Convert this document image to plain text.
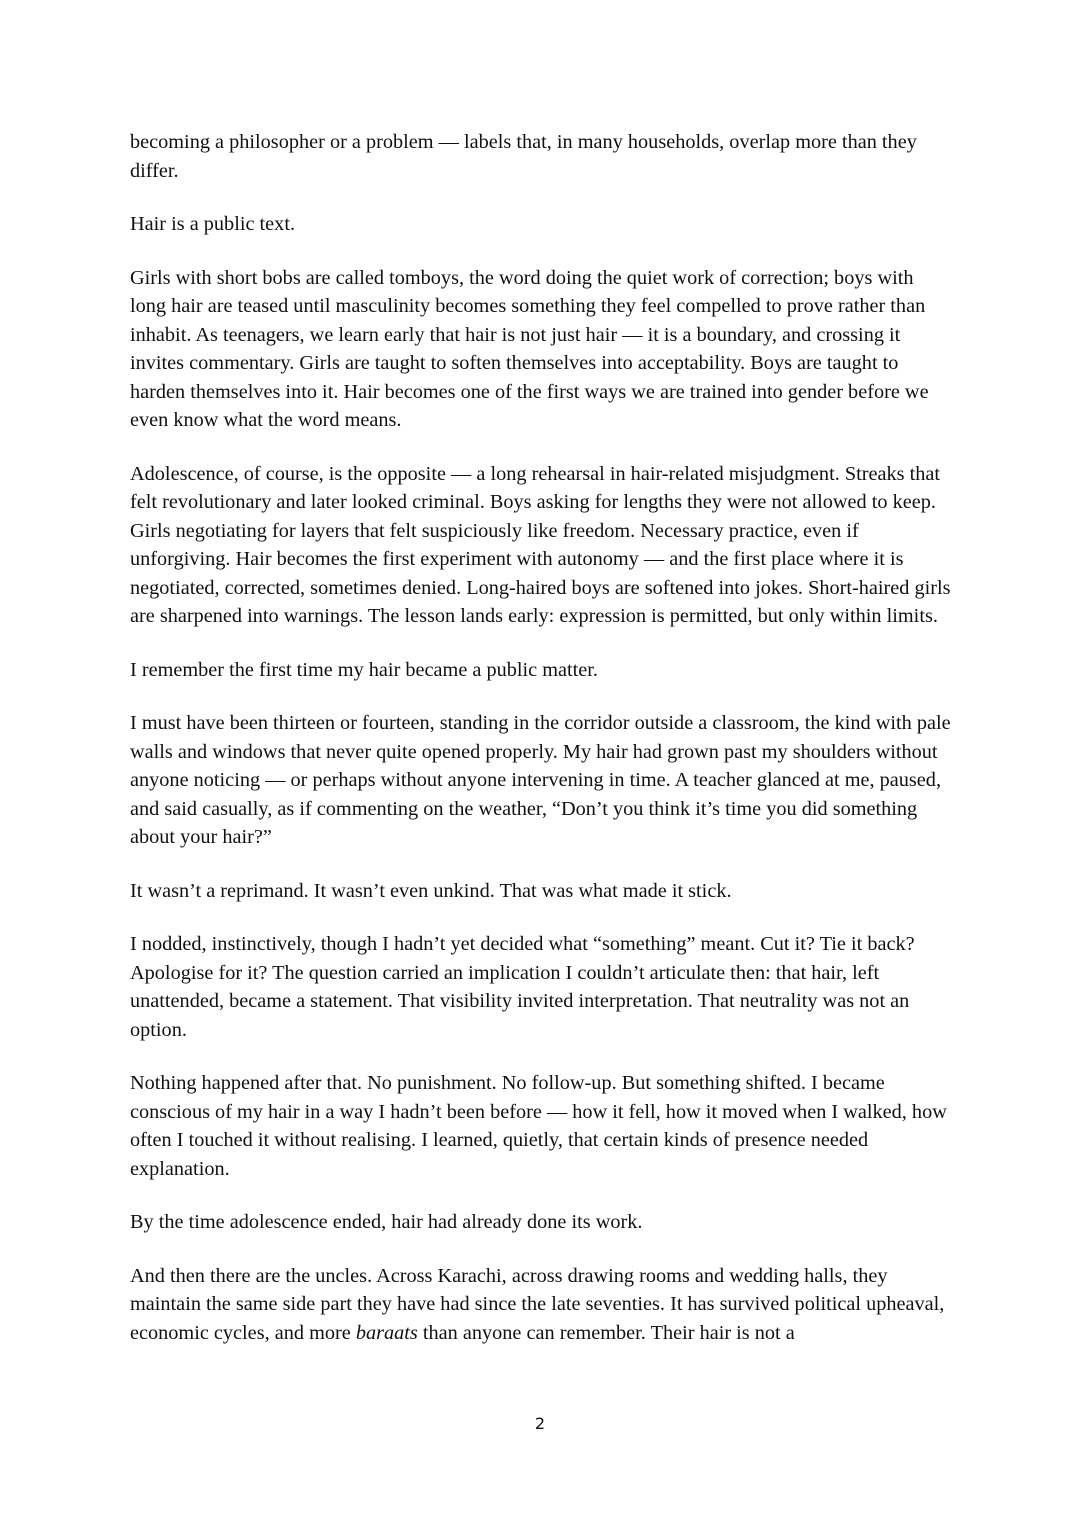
becoming a philosopher or a problem — labels that, in many households, overlap more than they differ.

Hair is a public text.

Girls with short bobs are called tomboys, the word doing the quiet work of correction; boys with long hair are teased until masculinity becomes something they feel compelled to prove rather than inhabit. As teenagers, we learn early that hair is not just hair — it is a boundary, and crossing it invites commentary. Girls are taught to soften themselves into acceptability. Boys are taught to harden themselves into it. Hair becomes one of the first ways we are trained into gender before we even know what the word means.

Adolescence, of course, is the opposite — a long rehearsal in hair-related misjudgment. Streaks that felt revolutionary and later looked criminal. Boys asking for lengths they were not allowed to keep. Girls negotiating for layers that felt suspiciously like freedom. Necessary practice, even if unforgiving. Hair becomes the first experiment with autonomy — and the first place where it is negotiated, corrected, sometimes denied. Long-haired boys are softened into jokes. Short-haired girls are sharpened into warnings. The lesson lands early: expression is permitted, but only within limits.

I remember the first time my hair became a public matter.

I must have been thirteen or fourteen, standing in the corridor outside a classroom, the kind with pale walls and windows that never quite opened properly. My hair had grown past my shoulders without anyone noticing — or perhaps without anyone intervening in time. A teacher glanced at me, paused, and said casually, as if commenting on the weather, “Don’t you think it’s time you did something about your hair?”

It wasn’t a reprimand. It wasn’t even unkind. That was what made it stick.

I nodded, instinctively, though I hadn’t yet decided what “something” meant. Cut it? Tie it back? Apologise for it? The question carried an implication I couldn’t articulate then: that hair, left unattended, became a statement. That visibility invited interpretation. That neutrality was not an option.

Nothing happened after that. No punishment. No follow-up. But something shifted. I became conscious of my hair in a way I hadn’t been before — how it fell, how it moved when I walked, how often I touched it without realising. I learned, quietly, that certain kinds of presence needed explanation.

By the time adolescence ended, hair had already done its work.

And then there are the uncles. Across Karachi, across drawing rooms and wedding halls, they maintain the same side part they have had since the late seventies. It has survived political upheaval, economic cycles, and more baraats than anyone can remember. Their hair is not a

2
